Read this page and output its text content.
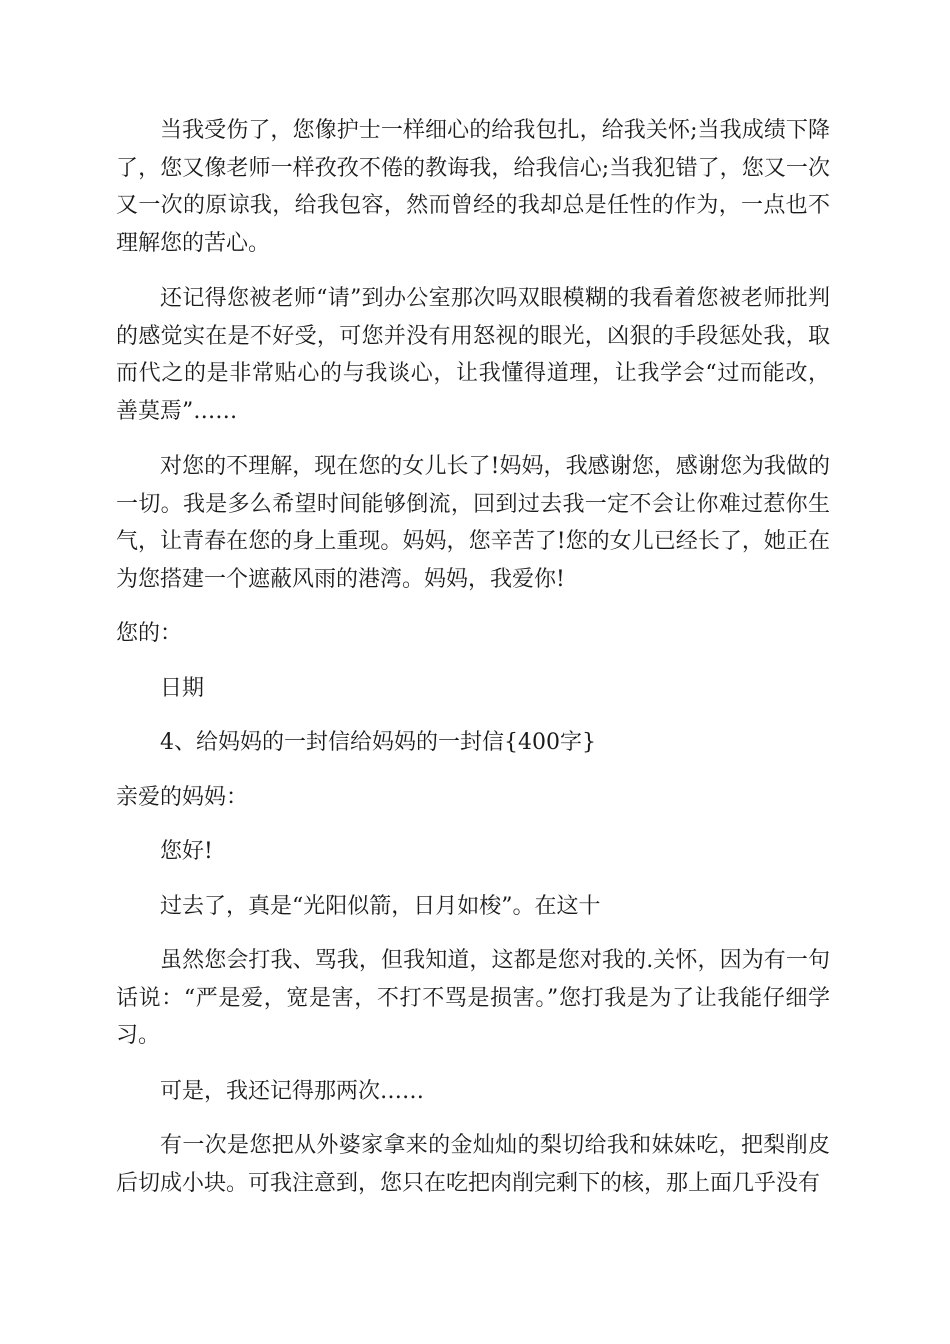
当我受伤了，您像护士一样细心的给我包扎，给我关怀;当我成绩下降了，您又像老师一样孜孜不倦的教诲我，给我信心;当我犯错了，您又一次又一次的原谅我，给我包容，然而曾经的我却总是任性的作为，一点也不理解您的苦心。

还记得您被老师“请”到办公室那次吗双眼模糊的我看着您被老师批判的感觉实在是不好受，可您并没有用怒视的眼光，凶狠的手段惩处我，取而代之的是非常贴心的与我谈心，让我懂得道理，让我学会“过而能改，善莫焉”……

对您的不理解，现在您的女儿长了!妈妈，我感谢您，感谢您为我做的一切。我是多么希望时间能够倒流，回到过去我一定不会让你难过惹你生气，让青春在您的身上重现。妈妈，您辛苦了!您的女儿已经长了，她正在为您搭建一个遮蔽风雨的港湾。妈妈，我爱你!

您的：

日期

4、给妈妈的一封信给妈妈的一封信{400字}

亲爱的妈妈：

您好!

过去了，真是“光阳似箭，日月如梭”。在这十

虽然您会打我、骂我，但我知道，这都是您对我的.关怀，因为有一句话说：“严是爱，宽是害，不打不骂是损害。”您打我是为了让我能仔细学习。

可是，我还记得那两次……

有一次是您把从外婆家拿来的金灿灿的梨切给我和妹妹吃，把梨削皮后切成小块。可我注意到，您只在吃把肉削完剩下的核，那上面几乎没有
